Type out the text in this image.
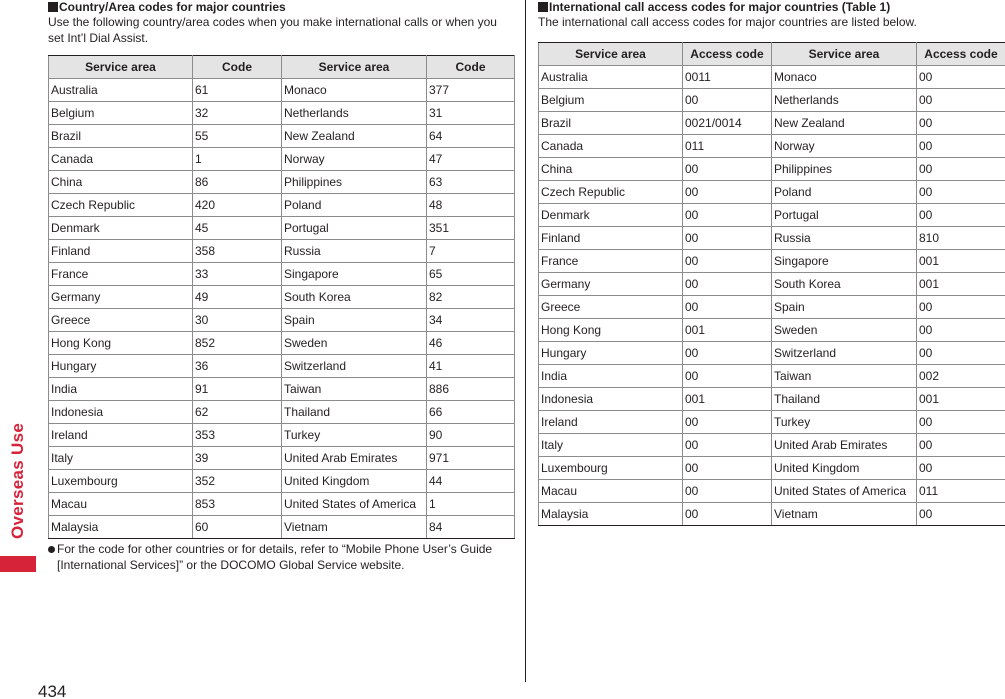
Overseas Use
Country/Area codes for major countries

Use the following country/area codes when you make international calls or when you set Int’l Dial Assist.

Service area	Code	Service area	Code
Australia	61	Monaco	377
Belgium	32	Netherlands	31
Brazil	55	New Zealand	64
Canada	1	Norway	47
China	86	Philippines	63
Czech Republic	420	Poland	48
Denmark	45	Portugal	351
Finland	358	Russia	7
France	33	Singapore	65
Germany	49	South Korea	82
Greece	30	Spain	34
Hong Kong	852	Sweden	46
Hungary	36	Switzerland	41
India	91	Taiwan	886
Indonesia	62	Thailand	66
Ireland	353	Turkey	90
Italy	39	United Arab Emirates	971
Luxembourg	352	United Kingdom	44
Macau	853	United States of America	1
Malaysia	60	Vietnam	84
For the code for other countries or for details, refer to “Mobile Phone User’s Guide [International Services]” or the DOCOMO Global Service website.
International call access codes for major countries (Table 1)

The international call access codes for major countries are listed below.

Service area	Access code	Service area	Access code
Australia	0011	Monaco	00
Belgium	00	Netherlands	00
Brazil	0021/0014	New Zealand	00
Canada	011	Norway	00
China	00	Philippines	00
Czech Republic	00	Poland	00
Denmark	00	Portugal	00
Finland	00	Russia	810
France	00	Singapore	001
Germany	00	South Korea	001
Greece	00	Spain	00
Hong Kong	001	Sweden	00
Hungary	00	Switzerland	00
India	00	Taiwan	002
Indonesia	001	Thailand	001
Ireland	00	Turkey	00
Italy	00	United Arab Emirates	00
Luxembourg	00	United Kingdom	00
Macau	00	United States of America	011
Malaysia	00	Vietnam	00
434
